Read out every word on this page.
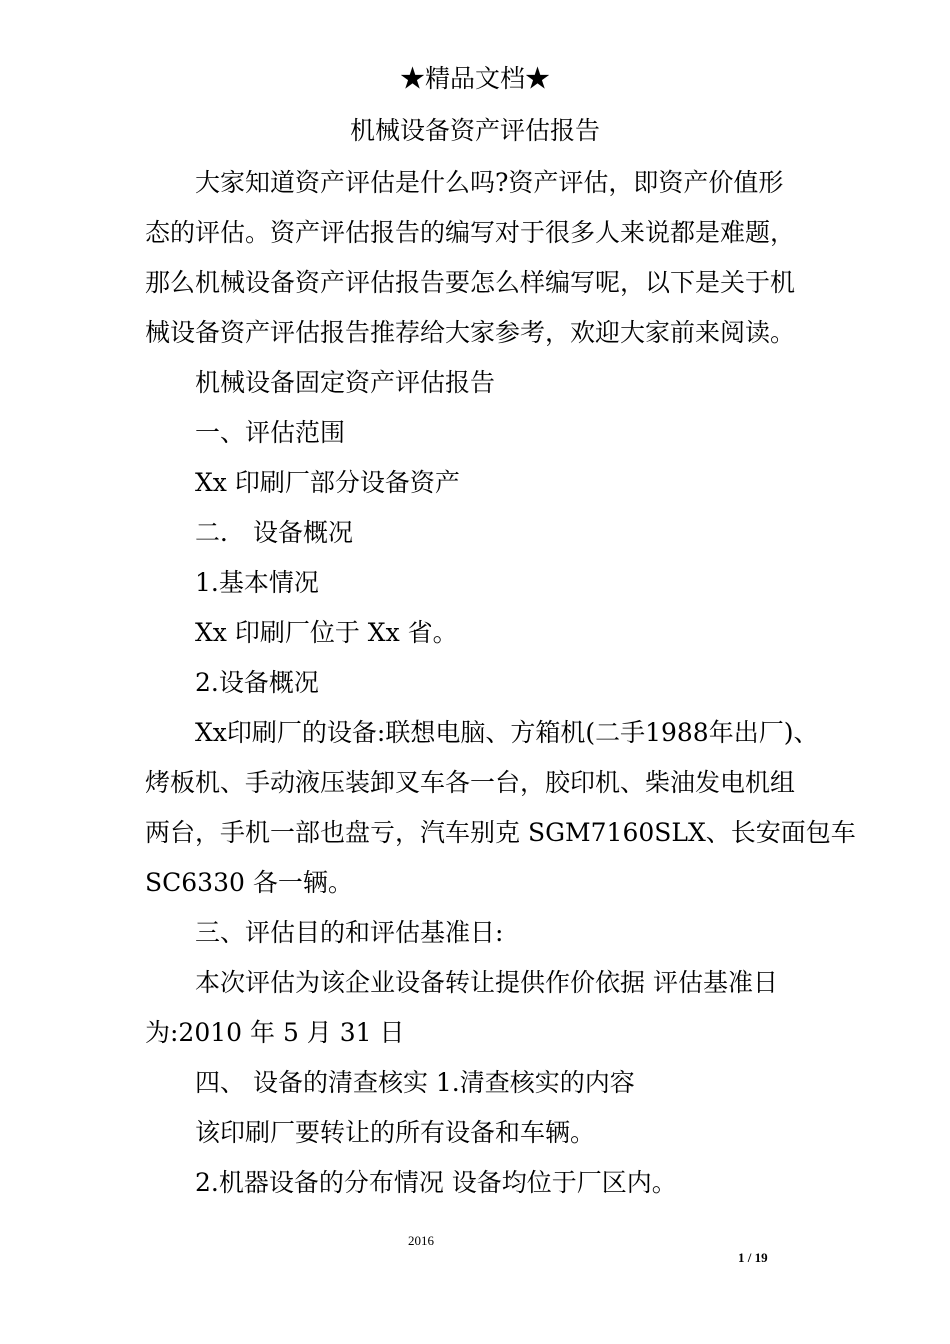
★精品文档★
机械设备资产评估报告
大家知道资产评估是什么吗?资产评估，即资产价值形
态的评估。资产评估报告的编写对于很多人来说都是难题，
那么机械设备资产评估报告要怎么样编写呢，以下是关于机
械设备资产评估报告推荐给大家参考，欢迎大家前来阅读。
机械设备固定资产评估报告
一、评估范围
Xx 印刷厂部分设备资产
二． 设备概况
1.基本情况
Xx 印刷厂位于 Xx 省。
2.设备概况
Xx印刷厂的设备:联想电脑、方箱机(二手1988年出厂)、
烤板机、手动液压装卸叉车各一台，胶印机、柴油发电机组
两台，手机一部也盘亏，汽车别克 SGM7160SLX、长安面包车
SC6330 各一辆。
三、评估目的和评估基准日:
本次评估为该企业设备转让提供作价依据 评估基准日
为:2010 年 5 月 31 日
四、 设备的清查核实 1.清查核实的内容
该印刷厂要转让的所有设备和车辆。
2.机器设备的分布情况 设备均位于厂区内。
2016
1 / 19
